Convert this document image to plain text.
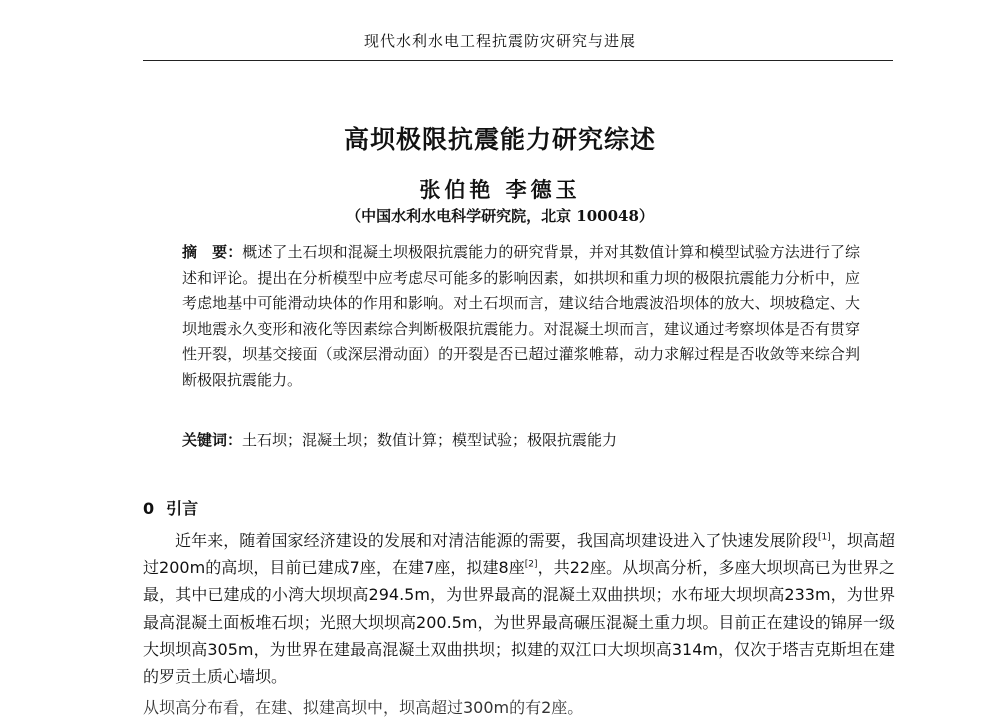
现代水利水电工程抗震防灾研究与进展
高坝极限抗震能力研究综述
张伯艳 李德玉
（中国水利水电科学研究院，北京 100048）
摘　要：概述了土石坝和混凝土坝极限抗震能力的研究背景，并对其数值计算和模型试验方法进行了综述和评论。提出在分析模型中应考虑尽可能多的影响因素，如拱坝和重力坝的极限抗震能力分析中，应考虑地基中可能滑动块体的作用和影响。对土石坝而言，建议结合地震波沿坝体的放大、坝坡稳定、大坝地震永久变形和液化等因素综合判断极限抗震能力。对混凝土坝而言，建议通过考察坝体是否有贯穿性开裂，坝基交接面（或深层滑动面）的开裂是否已超过灌浆帷幕，动力求解过程是否收敛等来综合判断极限抗震能力。
关键词：土石坝；混凝土坝；数值计算；模型试验；极限抗震能力
0 引言
近年来，随着国家经济建设的发展和对清洁能源的需要，我国高坝建设进入了快速发展阶段[1]，坝高超过200m的高坝，目前已建成7座，在建7座，拟建8座[2]，共22座。从坝高分析，多座大坝坝高已为世界之最，其中已建成的小湾大坝坝高294.5m，为世界最高的混凝土双曲拱坝；水布垭大坝坝高233m，为世界最高混凝土面板堆石坝；光照大坝坝高200.5m，为世界最高碾压混凝土重力坝。目前正在建设的锦屏一级大坝坝高305m，为世界在建最高混凝土双曲拱坝；拟建的双江口大坝坝高314m，仅次于塔吉克斯坦在建的罗贡土质心墙坝。
从坝高分布看，在建、拟建高坝中，坝高超过300m的有2座。
